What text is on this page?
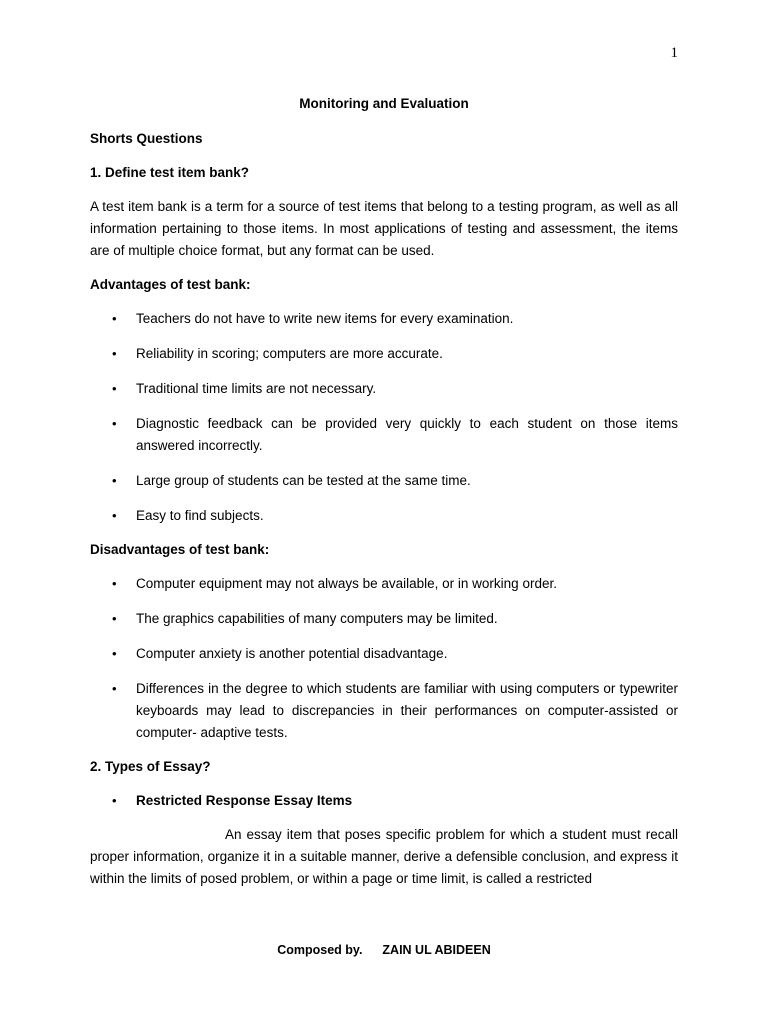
1
Monitoring and Evaluation
Shorts Questions
1. Define test item bank?

A test item bank is a term for a source of test items that belong to a testing program, as well as all information pertaining to those items. In most applications of testing and assessment, the items are of multiple choice format, but any format can be used.

Advantages of test bank:
• Teachers do not have to write new items for every examination.
• Reliability in scoring; computers are more accurate.
• Traditional time limits are not necessary.
• Diagnostic feedback can be provided very quickly to each student on those items answered incorrectly.
• Large group of students can be tested at the same time.
• Easy to find subjects.
Disadvantages of test bank:
• Computer equipment may not always be available, or in working order.
• The graphics capabilities of many computers may be limited.
• Computer anxiety is another potential disadvantage.
• Differences in the degree to which students are familiar with using computers or typewriter keyboards may lead to discrepancies in their performances on computer-assisted or computer- adaptive tests.
2. Types of Essay?
• Restricted Response Essay Items

An essay item that poses specific problem for which a student must recall proper information, organize it in a suitable manner, derive a defensible conclusion, and express it within the limits of posed problem, or within a page or time limit, is called a restricted

Composed by. ZAIN UL ABIDEEN
